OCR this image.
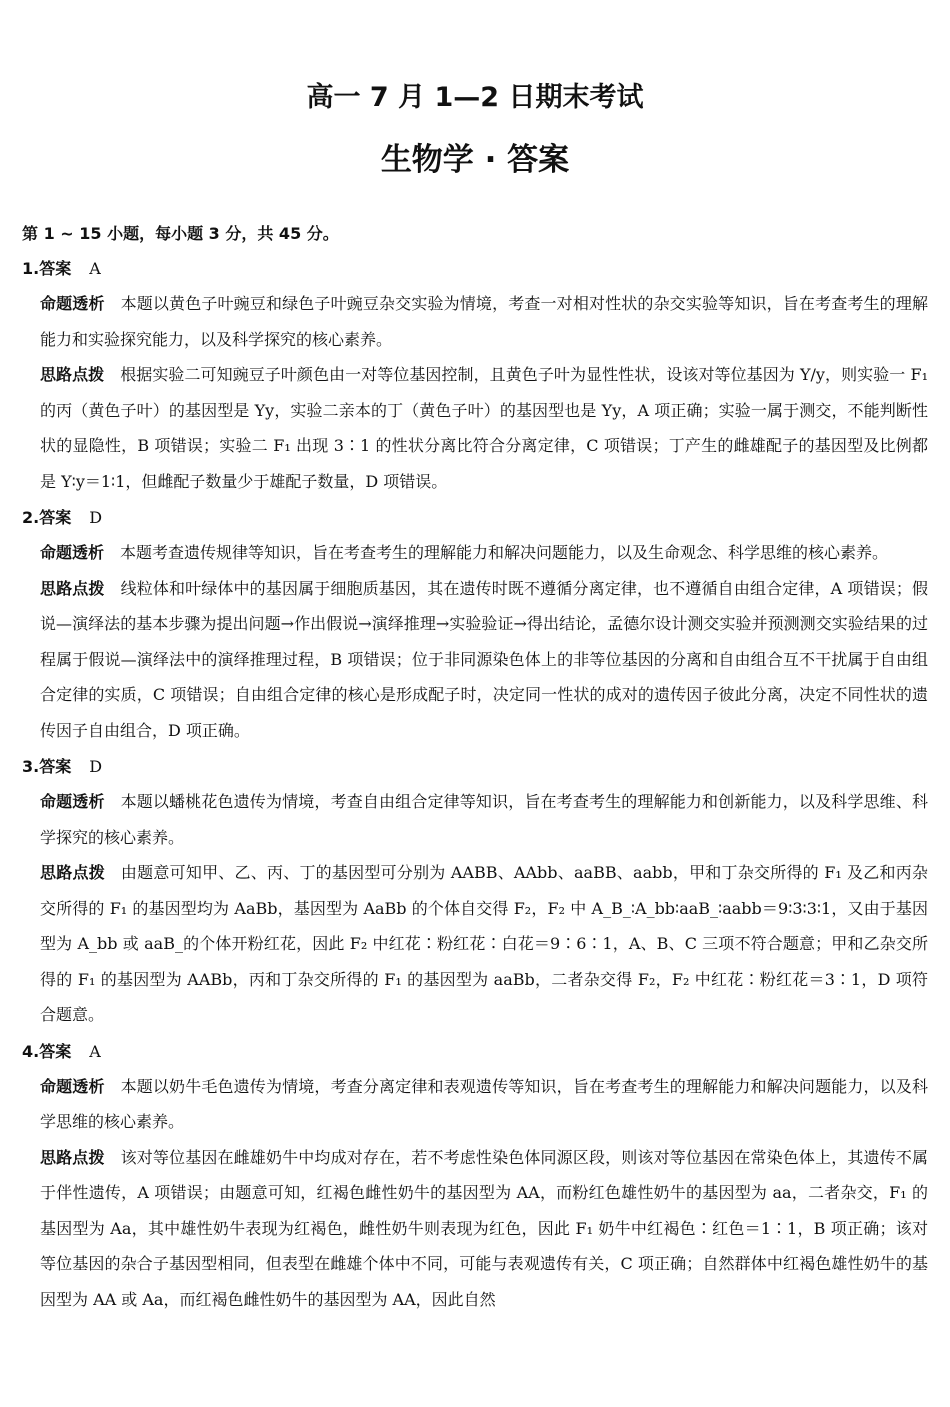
高一 7 月 1—2 日期末考试
生物学 · 答案
第 1 ~ 15 小题，每小题 3 分，共 45 分。
1.答案 A

命题透析 本题以黄色子叶豌豆和绿色子叶豌豆杂交实验为情境，考查一对相对性状的杂交实验等知识，旨在考查考生的理解能力和实验探究能力，以及科学探究的核心素养。

思路点拨 根据实验二可知豌豆子叶颜色由一对等位基因控制，且黄色子叶为显性性状，设该对等位基因为 Y/y，则实验一 F₁ 的丙（黄色子叶）的基因型是 Yy，实验二亲本的丁（黄色子叶）的基因型也是 Yy，A 项正确；实验一属于测交，不能判断性状的显隐性，B 项错误；实验二 F₁ 出现 3∶1 的性状分离比符合分离定律，C 项错误；丁产生的雌雄配子的基因型及比例都是 Y∶y＝1∶1，但雌配子数量少于雄配子数量，D 项错误。

2.答案 D

命题透析 本题考查遗传规律等知识，旨在考查考生的理解能力和解决问题能力，以及生命观念、科学思维的核心素养。

思路点拨 线粒体和叶绿体中的基因属于细胞质基因，其在遗传时既不遵循分离定律，也不遵循自由组合定律，A 项错误；假说—演绎法的基本步骤为提出问题→作出假说→演绎推理→实验验证→得出结论，孟德尔设计测交实验并预测测交实验结果的过程属于假说—演绎法中的演绎推理过程，B 项错误；位于非同源染色体上的非等位基因的分离和自由组合互不干扰属于自由组合定律的实质，C 项错误；自由组合定律的核心是形成配子时，决定同一性状的成对的遗传因子彼此分离，决定不同性状的遗传因子自由组合，D 项正确。

3.答案 D

命题透析 本题以蟠桃花色遗传为情境，考查自由组合定律等知识，旨在考查考生的理解能力和创新能力，以及科学思维、科学探究的核心素养。

思路点拨 由题意可知甲、乙、丙、丁的基因型可分别为 AABB、AAbb、aaBB、aabb，甲和丁杂交所得的 F₁ 及乙和丙杂交所得的 F₁ 的基因型均为 AaBb，基因型为 AaBb 的个体自交得 F₂，F₂ 中 A_B_∶A_bb∶aaB_∶aabb＝9∶3∶3∶1，又由于基因型为 A_bb 或 aaB_的个体开粉红花，因此 F₂ 中红花∶粉红花∶白花＝9∶6∶1，A、B、C 三项不符合题意；甲和乙杂交所得的 F₁ 的基因型为 AABb，丙和丁杂交所得的 F₁ 的基因型为 aaBb，二者杂交得 F₂，F₂ 中红花∶粉红花＝3∶1，D 项符合题意。

4.答案 A

命题透析 本题以奶牛毛色遗传为情境，考查分离定律和表观遗传等知识，旨在考查考生的理解能力和解决问题能力，以及科学思维的核心素养。

思路点拨 该对等位基因在雌雄奶牛中均成对存在，若不考虑性染色体同源区段，则该对等位基因在常染色体上，其遗传不属于伴性遗传，A 项错误；由题意可知，红褐色雌性奶牛的基因型为 AA，而粉红色雄性奶牛的基因型为 aa，二者杂交，F₁ 的基因型为 Aa，其中雄性奶牛表现为红褐色，雌性奶牛则表现为红色，因此 F₁ 奶牛中红褐色∶红色＝1∶1，B 项正确；该对等位基因的杂合子基因型相同，但表型在雌雄个体中不同，可能与表观遗传有关，C 项正确；自然群体中红褐色雄性奶牛的基因型为 AA 或 Aa，而红褐色雌性奶牛的基因型为 AA，因此自然
